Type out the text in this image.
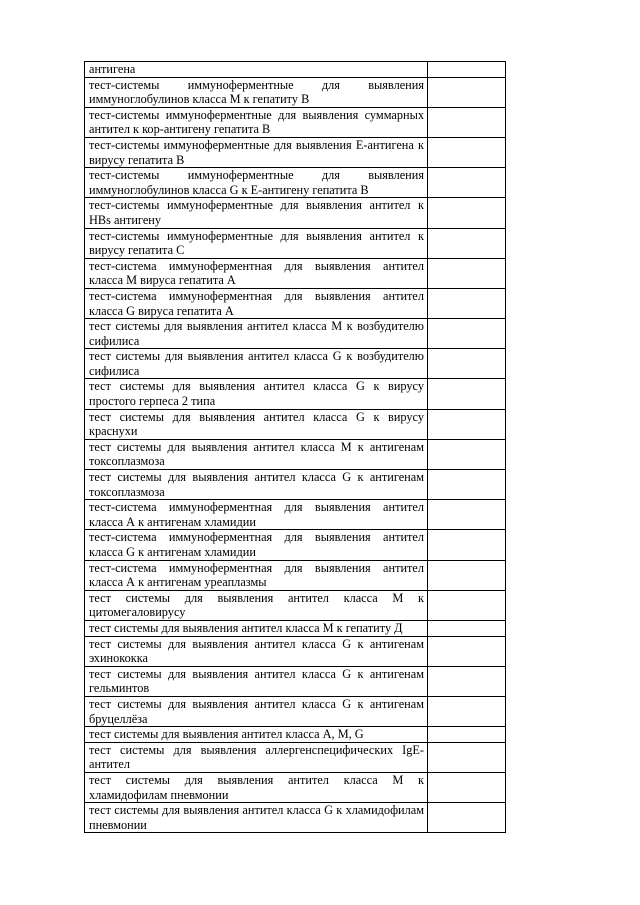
антигена	
тест-системы иммуноферментные для выявления иммуноглобулинов класса М к гепатиту В	
тест-системы иммуноферментные для выявления суммарных антител к кор-антигену гепатита В	
тест-системы иммуноферментные для выявления Е-антигена к вирусу гепатита В	
тест-системы иммуноферментные для выявления иммуноглобулинов класса G к Е-антигену гепатита В	
тест-системы иммуноферментные для выявления антител к HBs антигену	
тест-системы иммуноферментные для выявления антител к вирусу гепатита С	
тест-система иммуноферментная для выявления антител класса М вируса гепатита А	
тест-система иммуноферментная для выявления антител класса G вируса гепатита А	
тест системы для выявления антител класса М к возбудителю сифилиса	
тест системы для выявления антител класса G к возбудителю сифилиса	
тест системы для выявления антител класса G к вирусу простого герпеса 2 типа	
тест системы для выявления антител класса G к вирусу краснухи	
тест системы для выявления антител класса М к антигенам токсоплазмоза	
тест системы для выявления антител класса G к антигенам токсоплазмоза	
тест-система иммуноферментная для выявления антител класса А к антигенам хламидии	
тест-система иммуноферментная для выявления антител класса G к антигенам хламидии	
тест-система иммуноферментная для выявления антител класса А к антигенам уреаплазмы	
тест системы для выявления антител класса М к цитомегаловирусу	
тест системы для выявления антител класса М к гепатиту Д	
тест системы для выявления антител класса G к антигенам эхинококка	
тест системы для выявления антител класса G к антигенам гельминтов	
тест системы для выявления антител класса G к антигенам бруцеллёза	
тест системы для выявления антител класса А, М, G	
тест системы для выявления аллергенспецифических IgE-антител	
тест системы для выявления антител класса М к хламидофилам пневмонии	
тест системы для выявления антител класса G к хламидофилам пневмонии	
